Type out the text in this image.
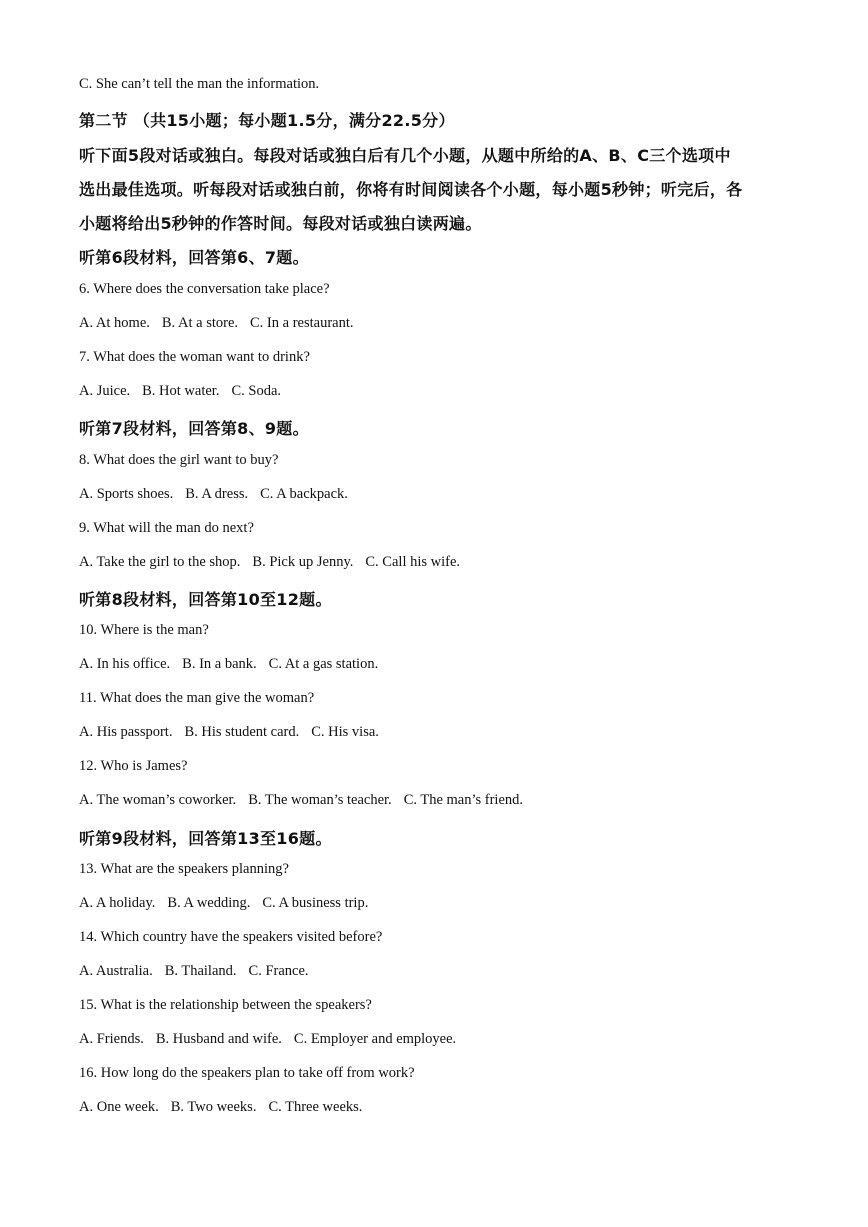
C. She can’t tell the man the information.
第二节 （共15小题；每小题1.5分，满分22.5分）
听下面5段对话或独白。每段对话或独白后有几个小题，从题中所给的A、B、C三个选项中
选出最佳选项。听每段对话或独白前，你将有时间阅读各个小题，每小题5秒钟；听完后，各
小题将给出5秒钟的作答时间。每段对话或独白读两遍。
听第6段材料，回答第6、7题。
6. Where does the conversation take place?
A. At home. B. At a store. C. In a restaurant.
7. What does the woman want to drink?
A. Juice. B. Hot water. C. Soda.
听第7段材料，回答第8、9题。
8. What does the girl want to buy?
A. Sports shoes. B. A dress. C. A backpack.
9. What will the man do next?
A. Take the girl to the shop. B. Pick up Jenny. C. Call his wife.
听第8段材料，回答第10至12题。
10. Where is the man?
A. In his office. B. In a bank. C. At a gas station.
11. What does the man give the woman?
A. His passport. B. His student card. C. His visa.
12. Who is James?
A. The woman’s coworker. B. The woman’s teacher. C. The man’s friend.
听第9段材料，回答第13至16题。
13. What are the speakers planning?
A. A holiday. B. A wedding. C. A business trip.
14. Which country have the speakers visited before?
A. Australia. B. Thailand. C. France.
15. What is the relationship between the speakers?
A. Friends. B. Husband and wife. C. Employer and employee.
16. How long do the speakers plan to take off from work?
A. One week. B. Two weeks. C. Three weeks.
